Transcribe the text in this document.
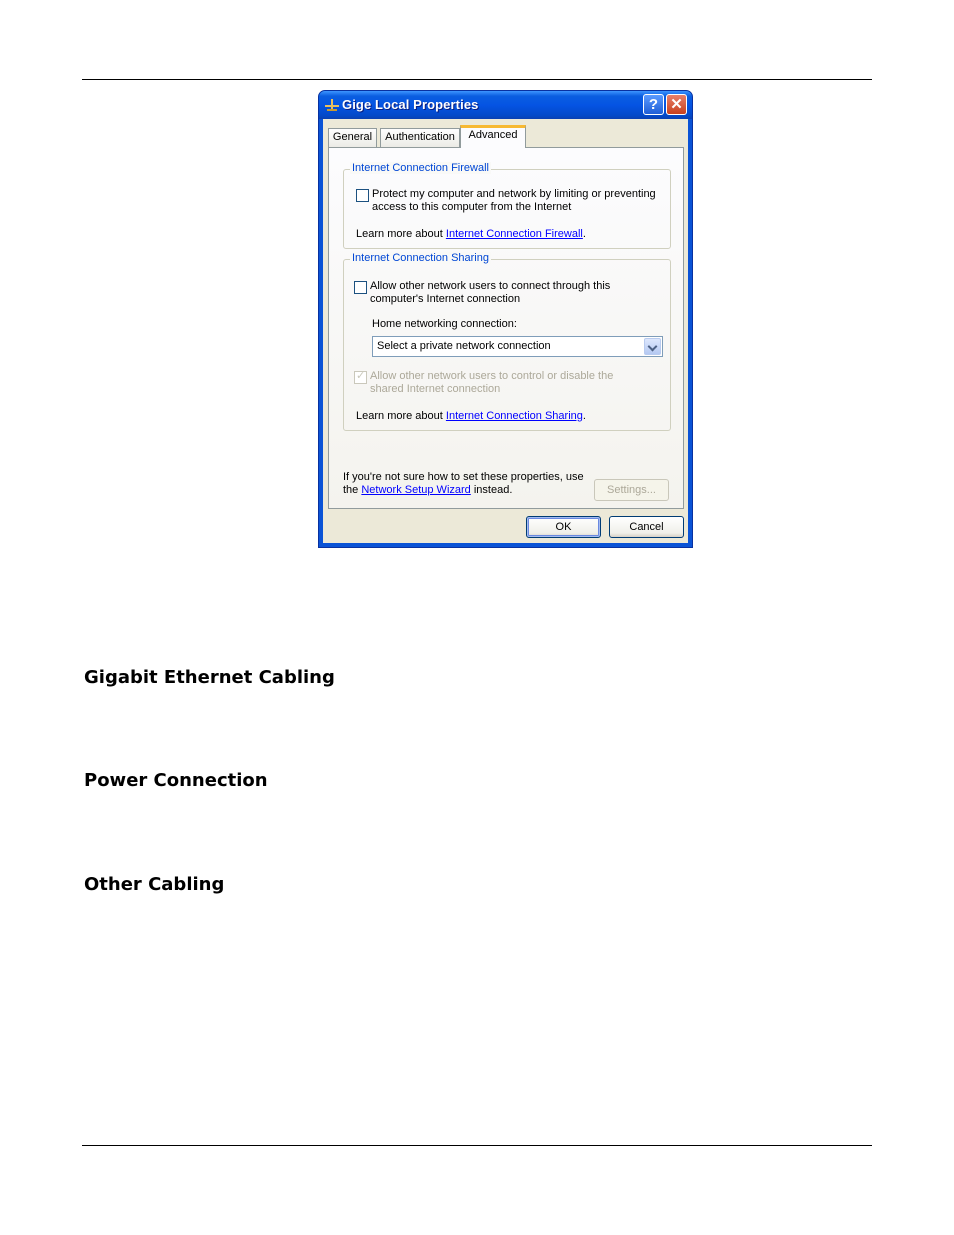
Gige Local Properties	? ✕
General	Authentication	Advanced
Internet Connection Firewall
Protect my computer and network by limiting or preventing
access to this computer from the Internet
Learn more about Internet Connection Firewall.
Internet Connection Sharing
Allow other network users to connect through this
computer's Internet connection
Home networking connection:
Select a private network connection
✓
Allow other network users to control or disable the
shared Internet connection
Learn more about Internet Connection Sharing.
If you're not sure how to set these properties, use
the Network Setup Wizard instead.	Settings...
OK	Cancel
Gigabit Ethernet Cabling
Power Connection
Other Cabling
